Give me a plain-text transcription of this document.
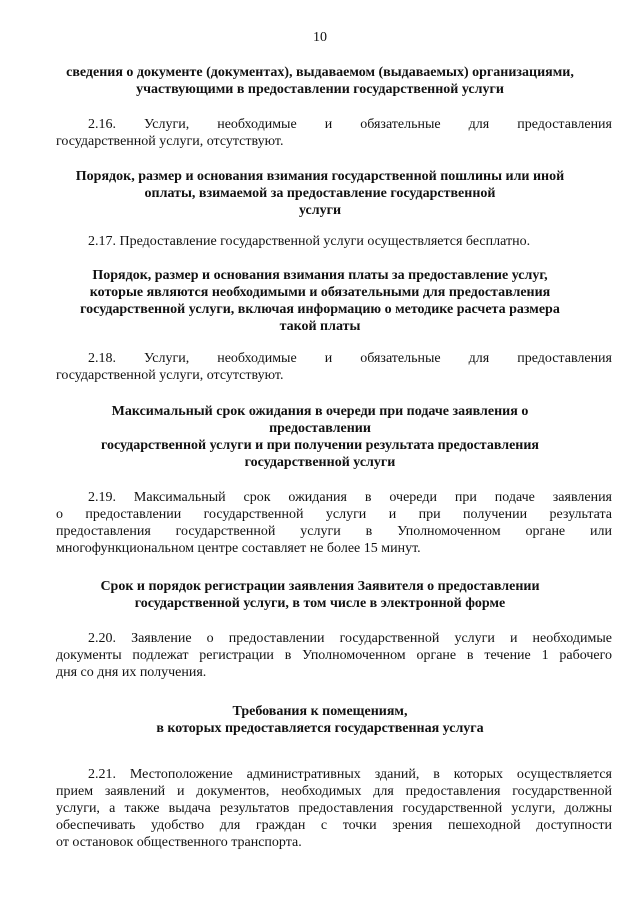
10
сведения о документе (документах), выдаваемом (выдаваемых) организациями,
участвующими в предоставлении государственной услуги
2.16. Услуги, необходимые и обязательные для предоставления
государственной услуги, отсутствуют.
Порядок, размер и основания взимания государственной пошлины или иной
оплаты, взимаемой за предоставление государственной
услуги
2.17. Предоставление государственной услуги осуществляется бесплатно.
Порядок, размер и основания взимания платы за предоставление услуг,
которые являются необходимыми и обязательными для предоставления
государственной услуги, включая информацию о методике расчета размера
такой платы
2.18. Услуги, необходимые и обязательные для предоставления
государственной услуги, отсутствуют.
Максимальный срок ожидания в очереди при подаче заявления о
предоставлении
государственной услуги и при получении результата предоставления
государственной услуги
2.19. Максимальный срок ожидания в очереди при подаче заявления
о предоставлении государственной услуги и при получении результата
предоставления государственной услуги в Уполномоченном органе или
многофункциональном центре составляет не более 15 минут.
Срок и порядок регистрации заявления Заявителя о предоставлении
государственной услуги, в том числе в электронной форме
2.20. Заявление о предоставлении государственной услуги и необходимые
документы подлежат регистрации в Уполномоченном органе в течение 1 рабочего
дня со дня их получения.
Требования к помещениям,
в которых предоставляется государственная услуга
2.21. Местоположение административных зданий, в которых осуществляется
прием заявлений и документов, необходимых для предоставления государственной
услуги, а также выдача результатов предоставления государственной услуги, должны
обеспечивать удобство для граждан с точки зрения пешеходной доступности
от остановок общественного транспорта.
